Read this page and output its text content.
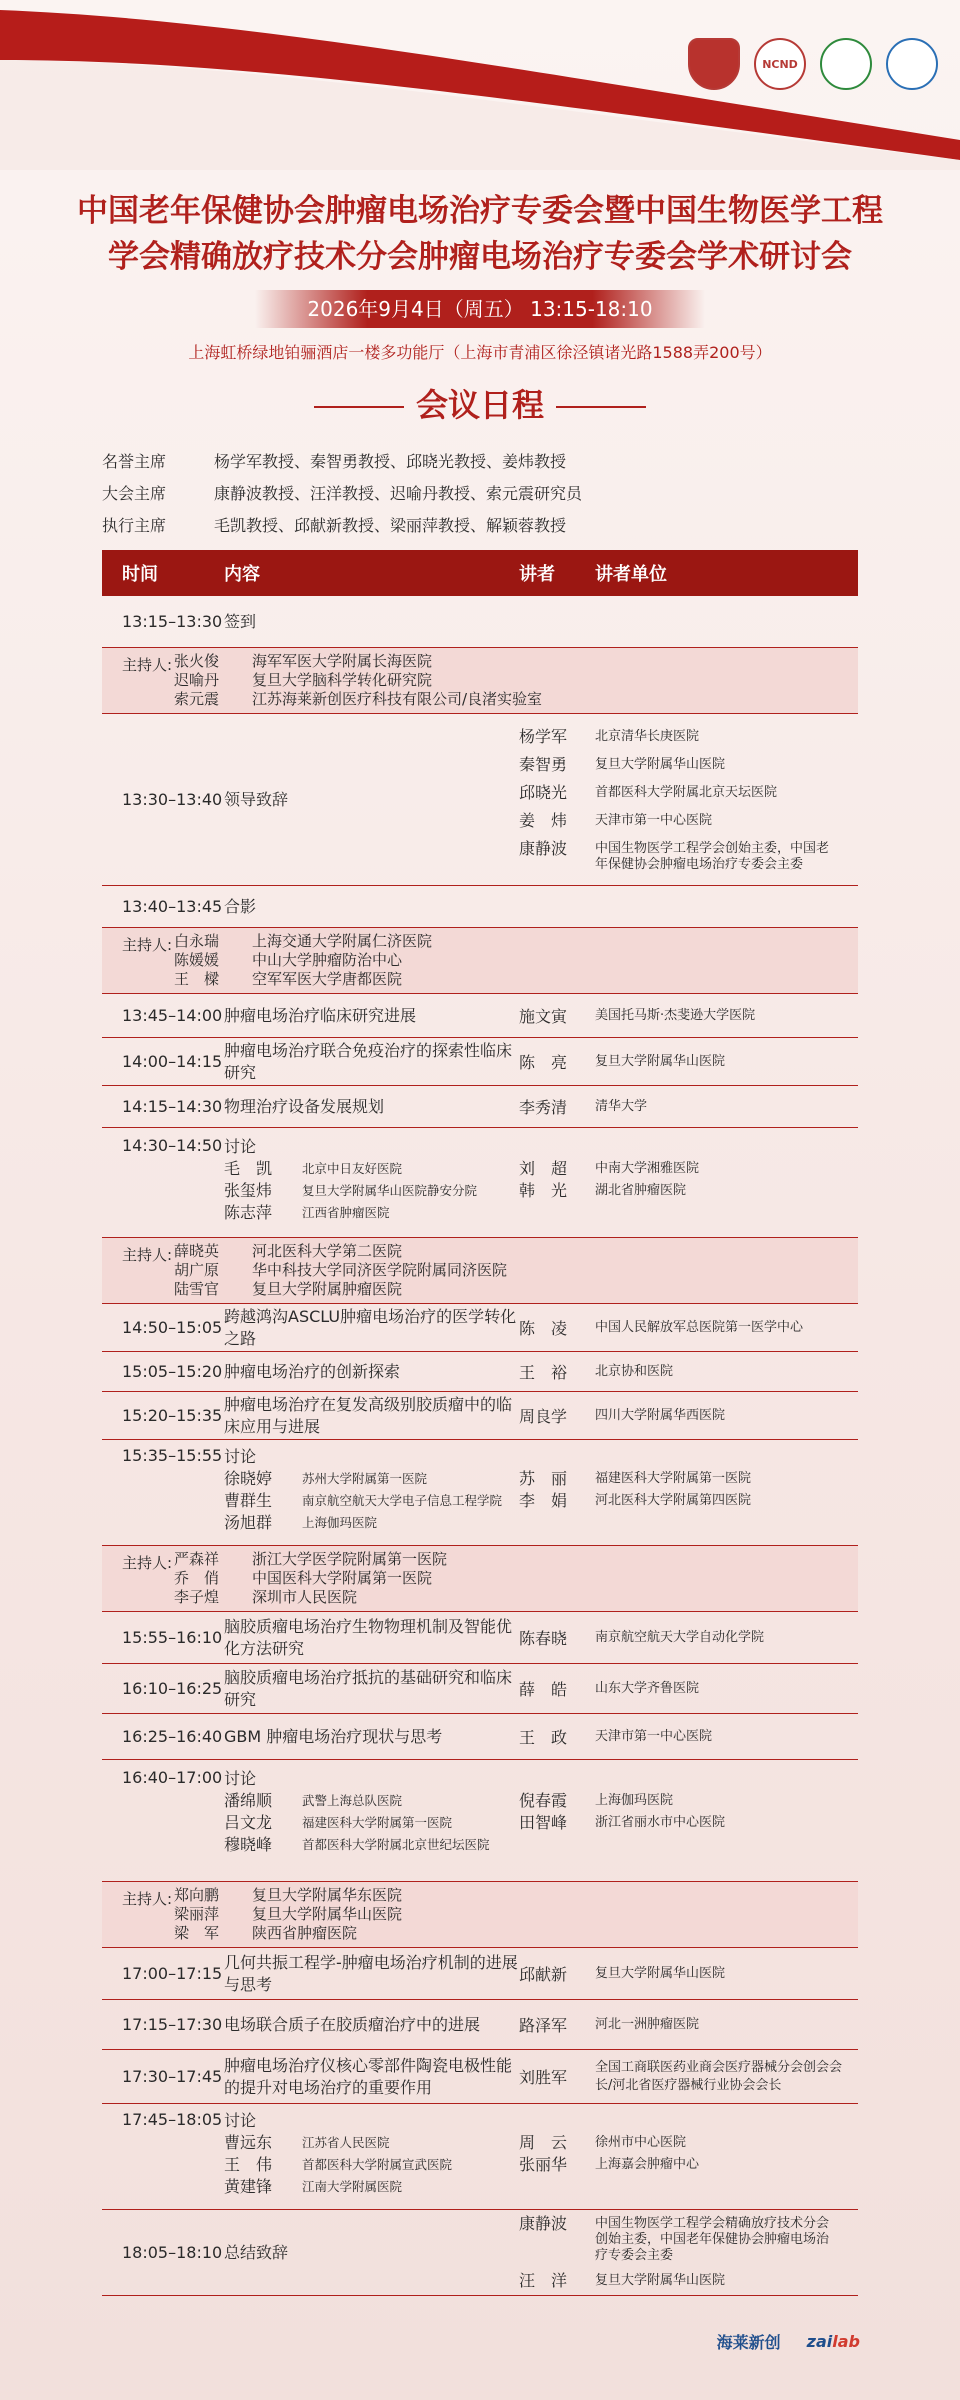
NCND
中国老年保健协会肿瘤电场治疗专委会暨中国生物医学工程
学会精确放疗技术分会肿瘤电场治疗专委会学术研讨会
2026年9月4日（周五） 13:15-18:10
上海虹桥绿地铂骊酒店一楼多功能厅（上海市青浦区徐泾镇诸光路1588弄200号）
会议日程
名誉主席	杨学军教授、秦智勇教授、邱晓光教授、姜炜教授
大会主席	康静波教授、汪洋教授、迟喻丹教授、索元震研究员
执行主席	毛凯教授、邱献新教授、梁丽萍教授、解颖蓉教授
时间	内容	讲者	讲者单位
13:15–13:30 签到
主持人: 张火俊	海军军医大学附属长海医院
迟喻丹	复旦大学脑科学转化研究院
索元震	江苏海莱新创医疗科技有限公司/良渚实验室
13:30–13:40 领导致辞
杨学军	北京清华长庚医院
秦智勇	复旦大学附属华山医院
邱晓光	首都医科大学附属北京天坛医院
姜　炜	天津市第一中心医院
康静波	中国生物医学工程学会创始主委，中国老年保健协会肿瘤电场治疗专委会主委
13:40–13:45 合影
主持人: 白永瑞	上海交通大学附属仁济医院
陈媛媛	中山大学肿瘤防治中心
王　樑	空军军医大学唐都医院
13:45–14:00 肿瘤电场治疗临床研究进展	施文寅	美国托马斯·杰斐逊大学医院
14:00–14:15
肿瘤电场治疗联合免疫治疗的探索性临床研究	陈　亮	复旦大学附属华山医院
14:15–14:30 物理治疗设备发展规划	李秀清	清华大学
14:30–14:50 讨论
毛　凯	北京中日友好医院
张玺炜	复旦大学附属华山医院静安分院
陈志萍	江西省肿瘤医院

刘　超	中南大学湘雅医院
韩　光	湖北省肿瘤医院
主持人: 薛晓英	河北医科大学第二医院
胡广原	华中科技大学同济医学院附属同济医院
陆雪官	复旦大学附属肿瘤医院
14:50–15:05
跨越鸿沟ASCLU肿瘤电场治疗的医学转化之路	陈　凌	中国人民解放军总医院第一医学中心
15:05–15:20 肿瘤电场治疗的创新探索	王　裕	北京协和医院
15:20–15:35
肿瘤电场治疗在复发高级别胶质瘤中的临床应用与进展	周良学	四川大学附属华西医院
15:35–15:55 讨论
徐晓婷	苏州大学附属第一医院
曹群生	南京航空航天大学电子信息工程学院
汤旭群	上海伽玛医院

苏　丽	福建医科大学附属第一医院
李　娟	河北医科大学附属第四医院
主持人: 严森祥	浙江大学医学院附属第一医院
乔　俏	中国医科大学附属第一医院
李子煌	深圳市人民医院
15:55–16:10
脑胶质瘤电场治疗生物物理机制及智能优化方法研究	陈春晓	南京航空航天大学自动化学院
16:10–16:25
脑胶质瘤电场治疗抵抗的基础研究和临床研究	薛　皓	山东大学齐鲁医院
16:25–16:40 GBM 肿瘤电场治疗现状与思考	王　政	天津市第一中心医院
16:40–17:00 讨论
潘绵顺	武警上海总队医院
吕文龙	福建医科大学附属第一医院
穆晓峰	首都医科大学附属北京世纪坛医院

倪春霞	上海伽玛医院
田智峰	浙江省丽水市中心医院
主持人: 郑向鹏	复旦大学附属华东医院
梁丽萍	复旦大学附属华山医院
梁　军	陕西省肿瘤医院
17:00–17:15
几何共振工程学-肿瘤电场治疗机制的进展与思考	邱献新	复旦大学附属华山医院
17:15–17:30 电场联合质子在胶质瘤治疗中的进展	路泽军	河北一洲肿瘤医院
17:30–17:45
肿瘤电场治疗仪核心零部件陶瓷电极性能的提升对电场治疗的重要作用	刘胜军
全国工商联医药业商会医疗器械分会创会会长/河北省医疗器械行业协会会长
17:45–18:05 讨论
曹远东	江苏省人民医院
王　伟	首都医科大学附属宣武医院
黄建锋	江南大学附属医院

周　云	徐州市中心医院
张丽华	上海嘉会肿瘤中心
18:05–18:10 总结致辞
康静波	中国生物医学工程学会精确放疗技术分会创始主委，中国老年保健协会肿瘤电场治疗专委会主委
汪　洋	复旦大学附属华山医院
海莱新创 zailab
